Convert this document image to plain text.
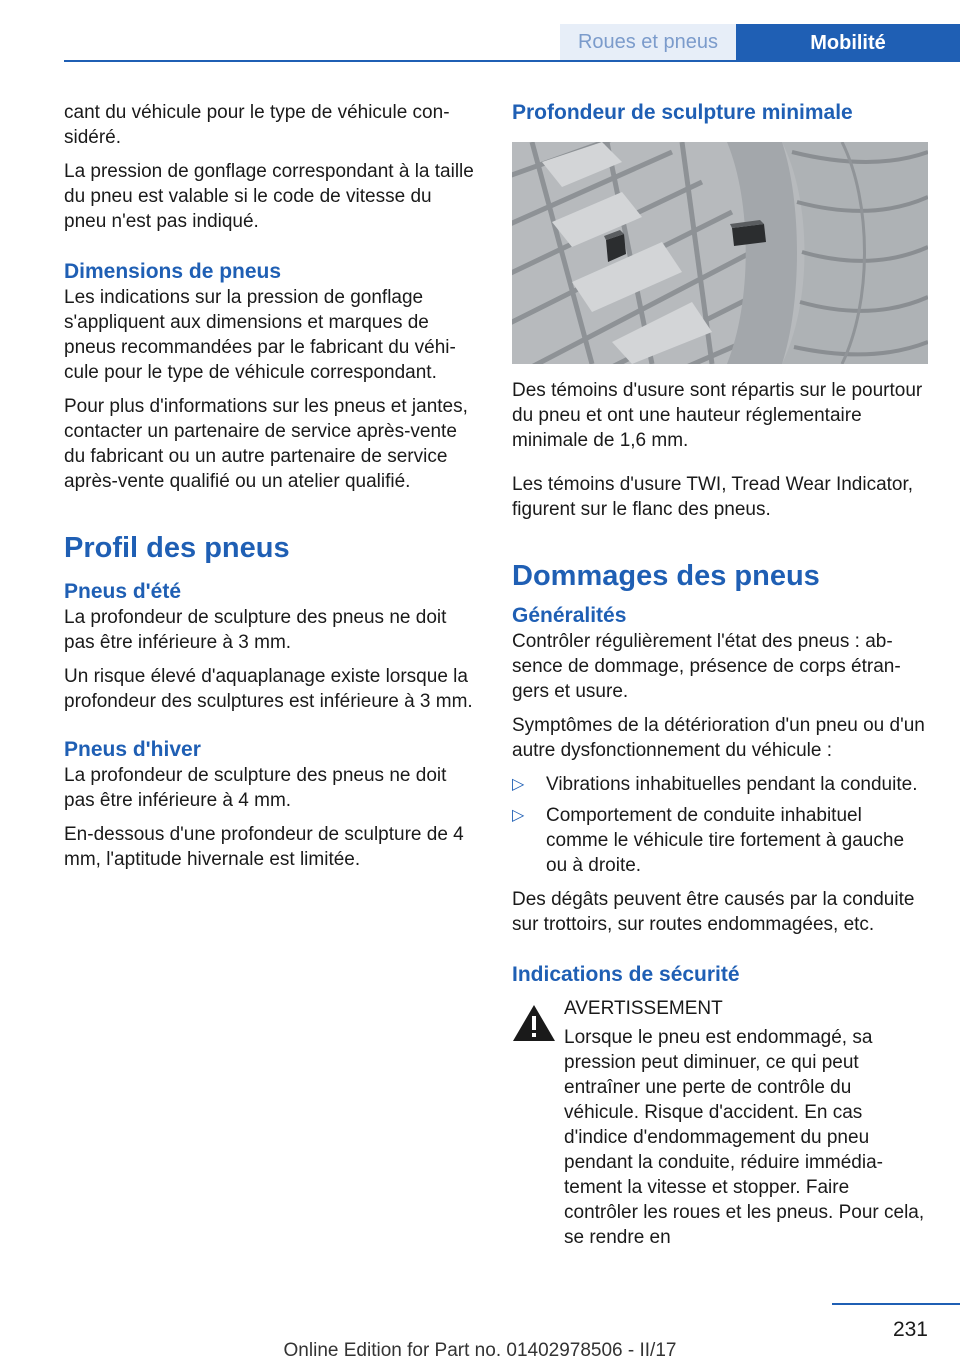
Roues et pneus	Mobilité

cant du véhicule pour le type de véhicule considéré.

La pression de gonflage correspondant à la taille du pneu est valable si le code de vitesse du pneu n'est pas indiqué.

Dimensions de pneus

Les indications sur la pression de gonflage s'appliquent aux dimensions et marques de pneus recommandées par le fabricant du véhicule pour le type de véhicule correspondant.

Pour plus d'informations sur les pneus et jantes, contacter un partenaire de service après-vente du fabricant ou un autre partenaire de service après-vente qualifié ou un atelier qualifié.

Profil des pneus
Pneus d'été

La profondeur de sculpture des pneus ne doit pas être inférieure à 3 mm.

Un risque élevé d'aquaplanage existe lorsque la profondeur des sculptures est inférieure à 3 mm.

Pneus d'hiver

La profondeur de sculpture des pneus ne doit pas être inférieure à 4 mm.

En-dessous d'une profondeur de sculpture de 4 mm, l'aptitude hivernale est limitée.

Profondeur de sculpture minimale

Des témoins d'usure sont répartis sur le pourtour du pneu et ont une hauteur réglementaire minimale de 1,6 mm.

Les témoins d'usure TWI, Tread Wear Indicator, figurent sur le flanc des pneus.

Dommages des pneus
Généralités

Contrôler régulièrement l'état des pneus : absence de dommage, présence de corps étrangers et usure.

Symptômes de la détérioration d'un pneu ou d'un autre dysfonctionnement du véhicule :

▷ Vibrations inhabituelles pendant la conduite.
▷ Comportement de conduite inhabituel comme le véhicule tire fortement à gauche ou à droite.

Des dégâts peuvent être causés par la conduite sur trottoirs, sur routes endommagées, etc.

Indications de sécurité
AVERTISSEMENT
Lorsque le pneu est endommagé, sa pression peut diminuer, ce qui peut entraîner une perte de contrôle du véhicule. Risque d'accident. En cas d'indice d'endommagement du pneu pendant la conduite, réduire immédiatement la vitesse et stopper. Faire contrôler les roues et les pneus. Pour cela, se rendre en
231
Online Edition for Part no. 01402978506 - II/17
